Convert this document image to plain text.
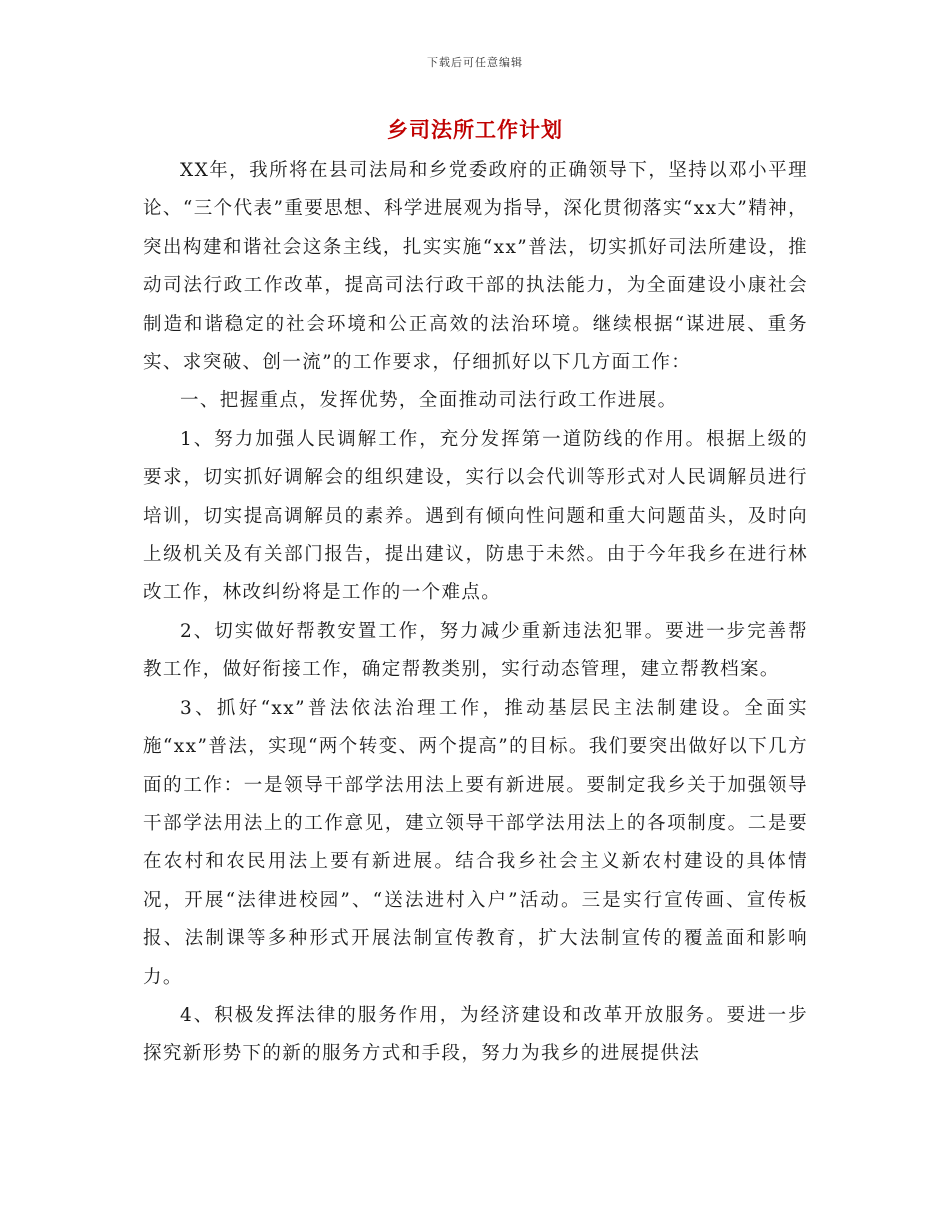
下载后可任意编辑
乡司法所工作计划

XX年，我所将在县司法局和乡党委政府的正确领导下，坚持以邓小平理论、“三个代表”重要思想、科学进展观为指导，深化贯彻落实“xx大”精神，突出构建和谐社会这条主线，扎实实施“xx”普法，切实抓好司法所建设，推动司法行政工作改革，提高司法行政干部的执法能力，为全面建设小康社会制造和谐稳定的社会环境和公正高效的法治环境。继续根据“谋进展、重务实、求突破、创一流”的工作要求，仔细抓好以下几方面工作：

一、把握重点，发挥优势，全面推动司法行政工作进展。

1、努力加强人民调解工作，充分发挥第一道防线的作用。根据上级的要求，切实抓好调解会的组织建设，实行以会代训等形式对人民调解员进行培训，切实提高调解员的素养。遇到有倾向性问题和重大问题苗头，及时向上级机关及有关部门报告，提出建议，防患于未然。由于今年我乡在进行林改工作，林改纠纷将是工作的一个难点。

2、切实做好帮教安置工作，努力减少重新违法犯罪。要进一步完善帮教工作，做好衔接工作，确定帮教类别，实行动态管理，建立帮教档案。

3、抓好“xx”普法依法治理工作，推动基层民主法制建设。全面实施“xx”普法，实现“两个转变、两个提高”的目标。我们要突出做好以下几方面的工作：一是领导干部学法用法上要有新进展。要制定我乡关于加强领导干部学法用法上的工作意见，建立领导干部学法用法上的各项制度。二是要在农村和农民用法上要有新进展。结合我乡社会主义新农村建设的具体情况，开展“法律进校园”、“送法进村入户”活动。三是实行宣传画、宣传板报、法制课等多种形式开展法制宣传教育，扩大法制宣传的覆盖面和影响力。

4、积极发挥法律的服务作用，为经济建设和改革开放服务。要进一步探究新形势下的新的服务方式和手段，努力为我乡的进展提供法
